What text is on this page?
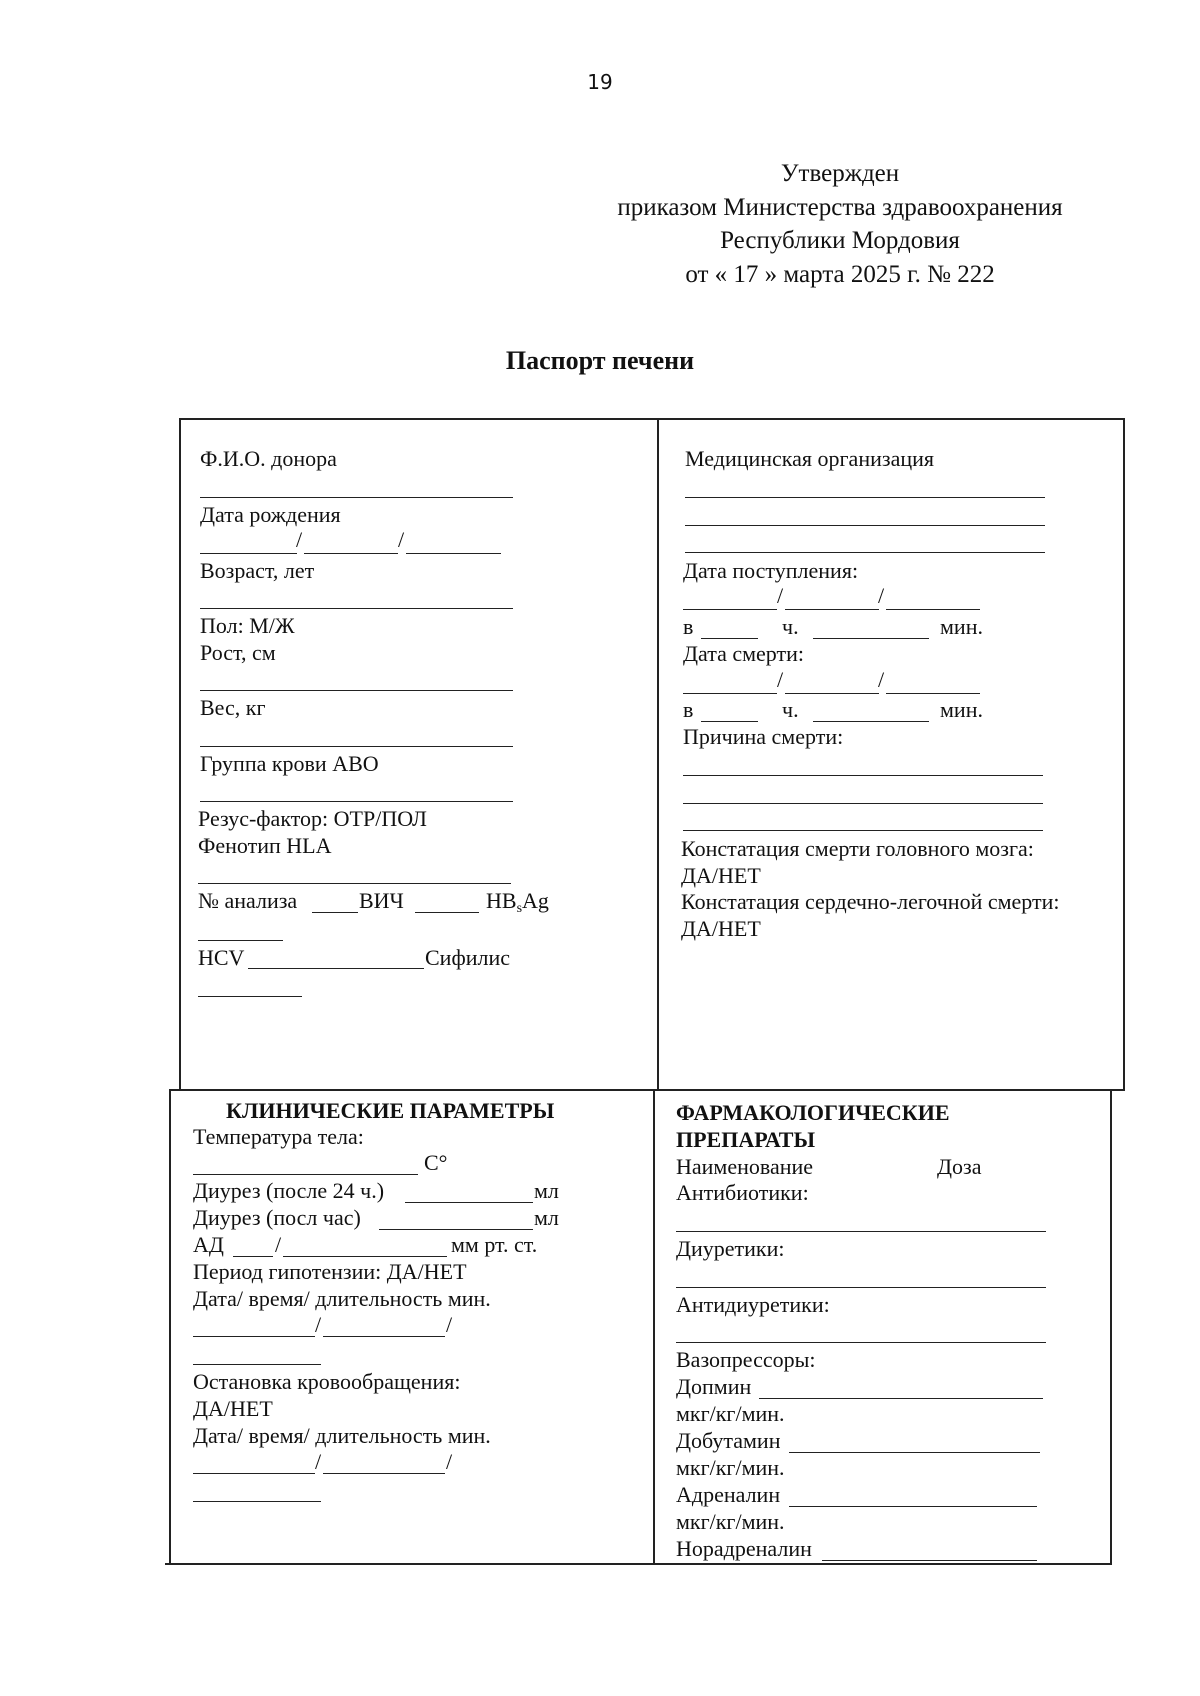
19
Утвержден
приказом Министерства здравоохранения
Республики Мордовия
от « 17 » марта 2025 г. № 222
Паспорт печени
Ф.И.О. донора
Дата рождения
/	/
Возраст, лет
Пол: М/Ж
Рост, см
Вес, кг
Группа крови АВО
Резус-фактор: ОТР/ПОЛ
Фенотип HLA
№ анализа	ВИЧ	$HB_sAg$
HCV	Сифилис
Медицинская организация
Дата поступления:
/	/
в	ч.	мин.
Дата смерти:
/	/
в	ч.	мин.
Причина смерти:
Констатация смерти головного мозга:
ДА/НЕТ
Констатация сердечно-легочной смерти:
ДА/НЕТ
КЛИНИЧЕСКИЕ ПАРАМЕТРЫ
Температура тела:
С°
Диурез (после 24 ч.)	мл
Диурез (посл час)	мл
АД /	мм рт. ст.
Период гипотензии: ДА/НЕТ
Дата/ время/ длительность мин.
/	/
Остановка кровообращения:
ДА/НЕТ
Дата/ время/ длительность мин.
/	/
ФАРМАКОЛОГИЧЕСКИЕ
ПРЕПАРАТЫ
Наименование	Доза
Антибиотики:
Диуретики:
Антидиуретики:
Вазопрессоры:
Допмин
мкг/кг/мин.
Добутамин
мкг/кг/мин.
Адреналин
мкг/кг/мин.
Норадреналин
